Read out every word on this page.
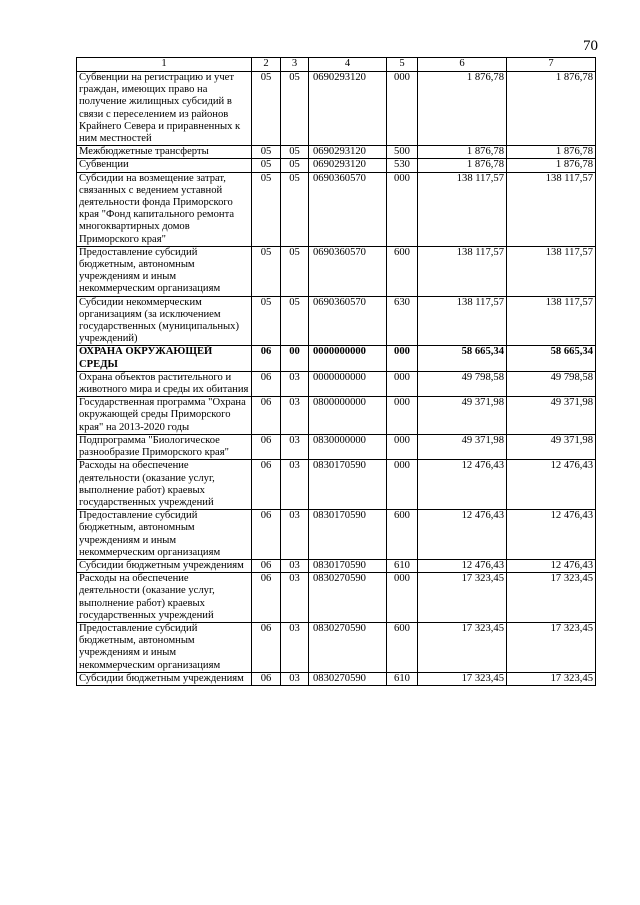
70
1	2	3	4	5	6	7
Субвенции на регистрацию и учет граждан, имеющих право на получение жилищных субсидий в связи с переселением из районов Крайнего Севера и приравненных к ним местностей	05	05	0690293120	000	1 876,78	1 876,78
Межбюджетные трансферты	05	05	0690293120	500	1 876,78	1 876,78
Субвенции	05	05	0690293120	530	1 876,78	1 876,78
Субсидии на возмещение затрат, связанных с ведением уставной деятельности фонда Приморского края "Фонд капитального ремонта многоквартирных домов Приморского края"	05	05	0690360570	000	138 117,57	138 117,57
Предоставление субсидий бюджетным, автономным учреждениям и иным некоммерческим организациям	05	05	0690360570	600	138 117,57	138 117,57
Субсидии некоммерческим организациям (за исключением государственных (муниципальных) учреждений)	05	05	0690360570	630	138 117,57	138 117,57
ОХРАНА ОКРУЖАЮЩЕЙ СРЕДЫ	06	00	0000000000	000	58 665,34	58 665,34
Охрана объектов растительного и животного мира и среды их обитания	06	03	0000000000	000	49 798,58	49 798,58
Государственная программа "Охрана окружающей среды Приморского края" на 2013-2020 годы	06	03	0800000000	000	49 371,98	49 371,98
Подпрограмма "Биологическое разнообразие Приморского края"	06	03	0830000000	000	49 371,98	49 371,98
Расходы на обеспечение деятельности (оказание услуг, выполнение работ) краевых государственных учреждений	06	03	0830170590	000	12 476,43	12 476,43
Предоставление субсидий бюджетным, автономным учреждениям и иным некоммерческим организациям	06	03	0830170590	600	12 476,43	12 476,43
Субсидии бюджетным учреждениям	06	03	0830170590	610	12 476,43	12 476,43
Расходы на обеспечение деятельности (оказание услуг, выполнение работ) краевых государственных учреждений	06	03	0830270590	000	17 323,45	17 323,45
Предоставление субсидий бюджетным, автономным учреждениям и иным некоммерческим организациям	06	03	0830270590	600	17 323,45	17 323,45
Субсидии бюджетным учреждениям	06	03	0830270590	610	17 323,45	17 323,45
